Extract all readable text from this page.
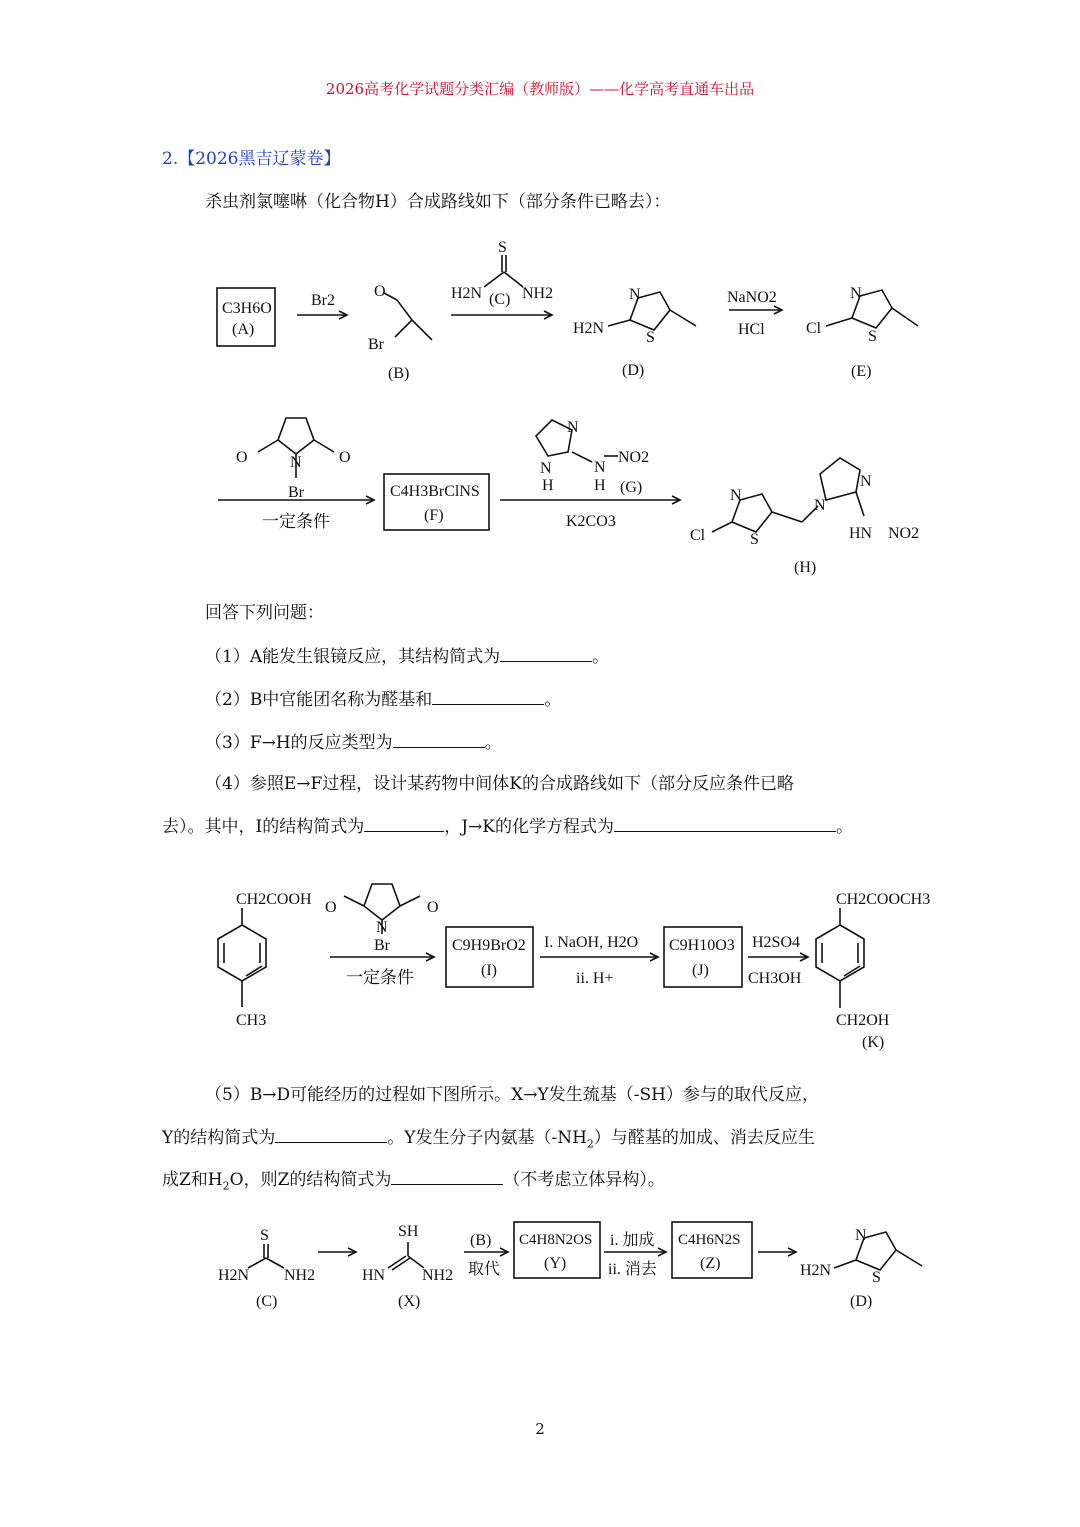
2026高考化学试题分类汇编（教师版）——化学高考直通车出品
2.【2026黑吉辽蒙卷】
杀虫剂氯噻啉（化合物H）合成路线如下（部分条件已略去）：
C3H6O
(A)
Br2
O
Br
(B)
S
H2N (C) NH2	N
S
H2N
(D)
NaNO2
HCl
N
S
Cl
(E)
O	O
N
Br
一定条件
C4H3BrClNS
(F)
N
N
H
N
H
NO2
(G)
K2CO3
N
S
Cl
N
N
HN NO2
(H)
回答下列问题：
（1）A能发生银镜反应，其结构简式为	。
（2）B中官能团名称为醛基和	。
（3）F→H的反应类型为	。
（4）参照E→F过程，设计某药物中间体K的合成路线如下（部分反应条件已略
去）。其中，I的结构简式为	，J→K的化学方程式为	。
CH2COOH
CH3
O	O
N
Br
一定条件
C9H9BrO2
(I)
I. NaOH, H2O
ii. H+
C9H10O3
(J)
H2SO4
CH3OH
CH2COOCH3
CH2OH
(K)
（5）B→D可能经历的过程如下图所示。X→Y发生巯基（-SH）参与的取代反应，
Y的结构简式为	。Y发生分子内氨基$(-NH_2)$与醛基的加成、消去反应生
成Z和$H_2O$，则Z的结构简式为	（不考虑立体异构）。
S
H2N NH2
(C)
SH
HN NH2
(X)
(B)
取代
C4H8N2OS
(Y)
i. 加成
ii. 消去
C4H6N2S
(Z)
N
S
H2N
(D)
2
